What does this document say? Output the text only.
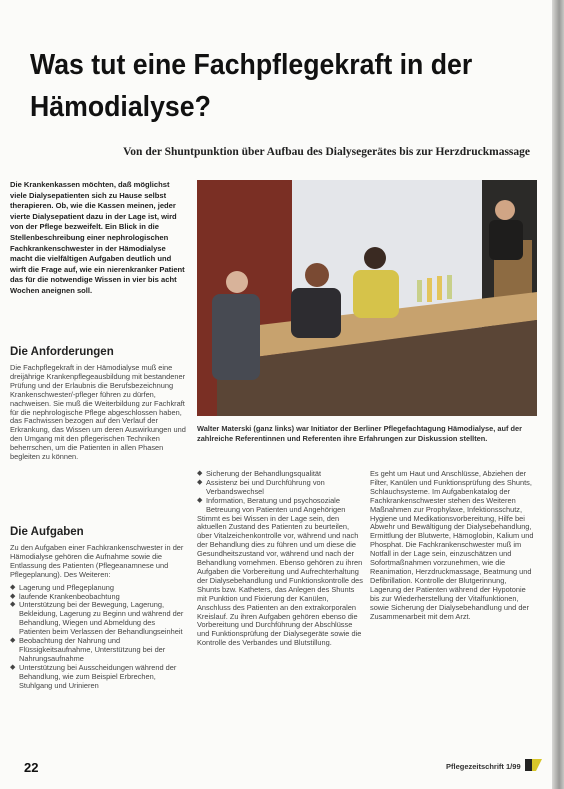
Was tut eine Fachpflegekraft in der Hämodialyse?
Von der Shuntpunktion über Aufbau des Dialysegerätes bis zur Herzdruckmassage
Die Krankenkassen möchten, daß möglichst viele Dialysepatienten sich zu Hause selbst therapieren. Ob, wie die Kassen meinen, jeder vierte Dialysepatient dazu in der Lage ist, wird von der Pflege bezweifelt. Ein Blick in die Stellenbeschreibung einer nephrologischen Fachkrankenschwester in der Hämodialyse macht die vielfältigen Aufgaben deutlich und wirft die Frage auf, wie ein nierenkranker Patient das für die notwendige Wissen in vier bis acht Wochen aneignen soll.
Die Anforderungen
Die Fachpflegekraft in der Hämodialyse muß eine dreijährige Krankenpflegeausbildung mit bestandener Prüfung und der Erlaubnis die Berufsbezeichnung Krankenschwester/-pfleger führen zu dürfen, nachweisen. Sie muß die Weiterbildung zur Fachkraft für die nephrologische Pflege abgeschlossen haben, das Fachwissen bezogen auf den Verlauf der Erkrankung, das Wissen um deren Auswirkungen und den Umgang mit den pflegerischen Techniken beherrschen, um die Patienten in allen Phasen begleiten zu können.
Die Aufgaben

Zu den Aufgaben einer Fachkrankenschwester in der Hämodialyse gehören die Aufnahme sowie die Entlassung des Patienten (Pflegeanamnese und Pflegeplanung). Des Weiteren:

◆ Lagerung und Pflegeplanung
◆ laufende Krankenbeobachtung
◆ Unterstützung bei der Bewegung, Lagerung, Bekleidung, Lagerung zu Beginn und während der Behandlung, Wiegen und Abmeldung des Patienten beim Verlassen der Behandlungseinheit
◆ Beobachtung der Nahrung und Flüssigkeitsaufnahme, Unterstützung bei der Nahrungsaufnahme
◆ Unterstützung bei Ausscheidungen während der Behandlung, wie zum Beispiel Erbrechen, Stuhlgang und Urinieren
Walter Materski (ganz links) war Initiator der Berliner Pflegefachtagung Hämodialyse, auf der zahlreiche Referentinnen und Referenten ihre Erfahrungen zur Diskussion stellten.
◆ Sicherung der Behandlungsqualität
◆ Assistenz bei und Durchführung von Verbandswechsel
◆ Information, Beratung und psychosoziale Betreuung von Patienten und Angehörigen

Stimmt es bei Wissen in der Lage sein, den aktuellen Zustand des Patienten zu beurteilen, über Vitalzeichenkontrolle vor, während und nach der Behandlung dies zu führen und um diese die Gesundheitszustand vor, während und nach der Behandlung vornehmen. Ebenso gehören zu ihren Aufgaben die Vorbereitung und Aufrechterhaltung der Dialysebehandlung und Funktionskontrolle des Shunts bzw. Katheters, das Anlegen des Shunts mit Punktion und Fixierung der Kanülen, Anschluss des Patienten an den extrakorporalen Kreislauf. Zu ihren Aufgaben gehören ebenso die Vorbereitung und Durchführung der Abschlüsse und Funktionsprüfung der Dialysegeräte sowie die Kontrolle des Verbandes und Blutstillung.

Es geht um Haut und Anschlüsse, Abziehen der Filter, Kanülen und Funktionsprüfung des Shunts, Schlauchsysteme. Im Aufgabenkatalog der Fachkrankenschwester stehen des Weiteren Maßnahmen zur Prophylaxe, Infektionsschutz, Hygiene und Medikationsvorbereitung, Hilfe bei Abwehr und Bewältigung der Dialysebehandlung, Ermittlung der Blutwerte, Hämoglobin, Kalium und Phosphat. Die Fachkrankenschwester muß im Notfall in der Lage sein, einzuschätzen und Sofortmaßnahmen vorzunehmen, wie die Reanimation, Herzdruckmassage, Beatmung und Defibrillation. Kontrolle der Blutgerinnung, Lagerung der Patienten während der Hypotonie bis zur Wiederherstellung der Vitalfunktionen, sowie Sicherung der Dialysebehandlung und der Zusammenarbeit mit dem Arzt.

22	Pflegezeitschrift 1/99
